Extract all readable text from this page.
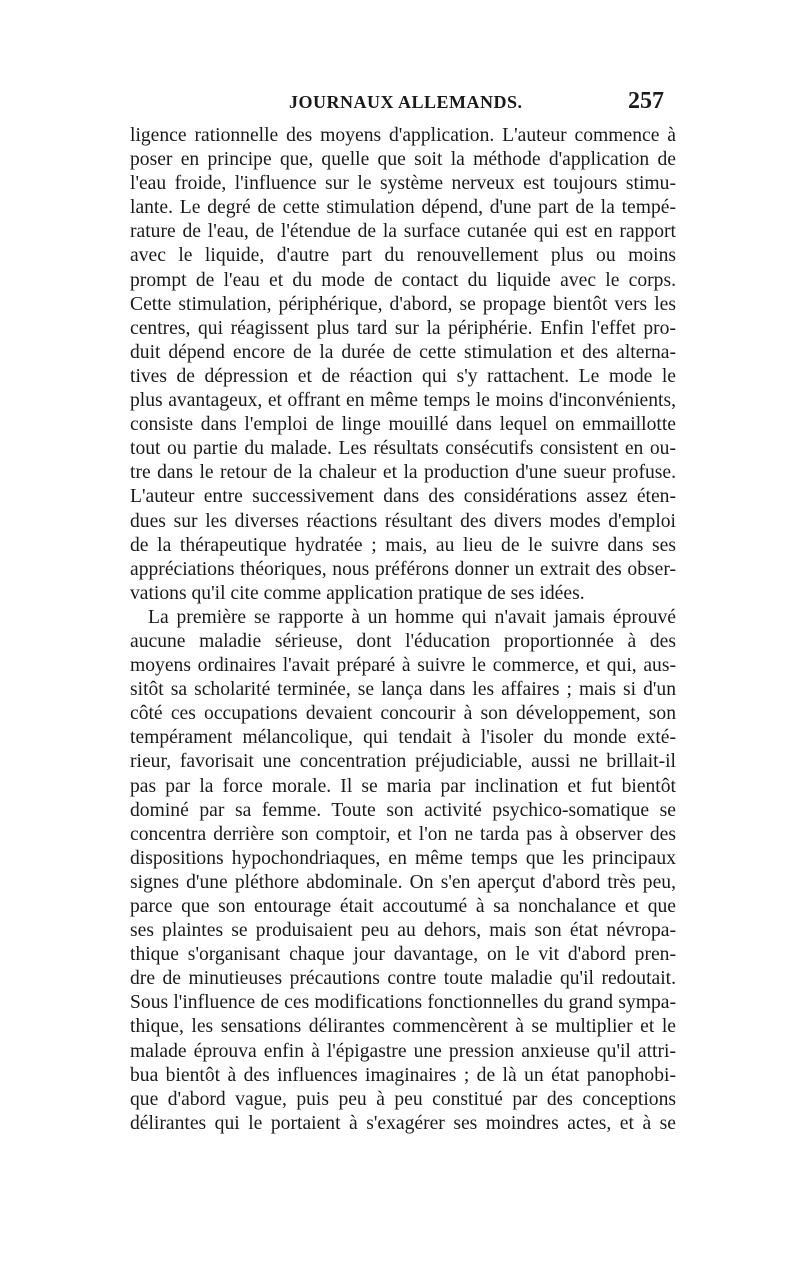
JOURNAUX ALLEMANDS.	257
ligence rationnelle des moyens d'application. L'auteur commence à
poser en principe que, quelle que soit la méthode d'application de
l'eau froide, l'influence sur le système nerveux est toujours stimu-
lante. Le degré de cette stimulation dépend, d'une part de la tempé-
rature de l'eau, de l'étendue de la surface cutanée qui est en rapport
avec le liquide, d'autre part du renouvellement plus ou moins
prompt de l'eau et du mode de contact du liquide avec le corps.
Cette stimulation, périphérique, d'abord, se propage bientôt vers les
centres, qui réagissent plus tard sur la périphérie. Enfin l'effet pro-
duit dépend encore de la durée de cette stimulation et des alterna-
tives de dépression et de réaction qui s'y rattachent. Le mode le
plus avantageux, et offrant en même temps le moins d'inconvénients,
consiste dans l'emploi de linge mouillé dans lequel on emmaillotte
tout ou partie du malade. Les résultats consécutifs consistent en ou-
tre dans le retour de la chaleur et la production d'une sueur profuse.
L'auteur entre successivement dans des considérations assez éten-
dues sur les diverses réactions résultant des divers modes d'emploi
de la thérapeutique hydratée ; mais, au lieu de le suivre dans ses
appréciations théoriques, nous préférons donner un extrait des obser-
vations qu'il cite comme application pratique de ses idées.
La première se rapporte à un homme qui n'avait jamais éprouvé
aucune maladie sérieuse, dont l'éducation proportionnée à des
moyens ordinaires l'avait préparé à suivre le commerce, et qui, aus-
sitôt sa scholarité terminée, se lança dans les affaires ; mais si d'un
côté ces occupations devaient concourir à son développement, son
tempérament mélancolique, qui tendait à l'isoler du monde exté-
rieur, favorisait une concentration préjudiciable, aussi ne brillait-il
pas par la force morale. Il se maria par inclination et fut bientôt
dominé par sa femme. Toute son activité psychico-somatique se
concentra derrière son comptoir, et l'on ne tarda pas à observer des
dispositions hypochondriaques, en même temps que les principaux
signes d'une pléthore abdominale. On s'en aperçut d'abord très peu,
parce que son entourage était accoutumé à sa nonchalance et que
ses plaintes se produisaient peu au dehors, mais son état névropa-
thique s'organisant chaque jour davantage, on le vit d'abord pren-
dre de minutieuses précautions contre toute maladie qu'il redoutait.
Sous l'influence de ces modifications fonctionnelles du grand sympa-
thique, les sensations délirantes commencèrent à se multiplier et le
malade éprouva enfin à l'épigastre une pression anxieuse qu'il attri-
bua bientôt à des influences imaginaires ; de là un état panophobi-
que d'abord vague, puis peu à peu constitué par des conceptions
délirantes qui le portaient à s'exagérer ses moindres actes, et à se
